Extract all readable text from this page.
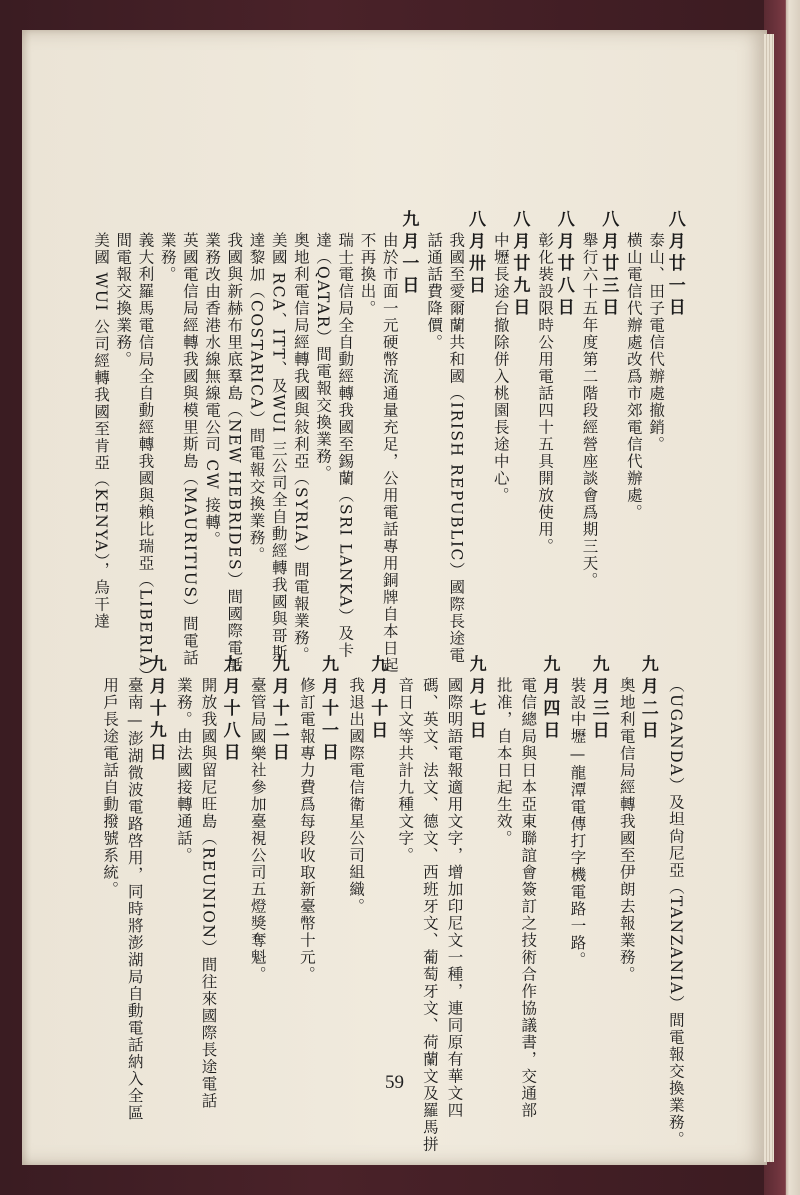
八月廿一日
泰山、田子電信代辦處撤銷。
横山電信代辦處改爲市郊電信代辦處。
八月廿三日
舉行六十五年度第二階段經營座談會爲期三天。
八月廿八日
彰化裝設限時公用電話四十五具開放使用。
八月廿九日
中壢長途台撤除併入桃園長途中心。
八月卅日
我國至愛爾蘭共和國（IRISH REPUBLIC）國際長途電
話通話費降價。
九月一日
由於市面一元硬幣流通量充足，公用電話專用銅牌自本日起
不再換出。
瑞士電信局全自動經轉我國至錫蘭（SRI LANKA）及卡
達（QATAR）間電報交換業務。
奥地利電信局經轉我國與敍利亞（SYRIA）間電報業務。
美國 RCA、ITT、及WUI 三公司全自動經轉我國與哥斯
達黎加（COSTARICA）間電報交換業務。
我國與新赫布里底羣島（NEW HEBRIDES）間國際電話
業務改由香港水線無線電公司 CW 接轉。
英國電信局經轉我國與模里斯島（MAURITIUS）間電話
業務。
義大利羅馬電信局全自動經轉我國與賴比瑞亞（LIBERIA）
間電報交換業務。
美國 WUI 公司經轉我國至肯亞（KENYA），烏干達
（UGANDA）及坦尙尼亞（TANZANIA）間電報交換業務。
九月二日
奥地利電信局經轉我國至伊朗去報業務。
九月三日
裝設中壢—龍潭電傳打字機電路一路。
九月四日
電信總局與日本亞東聯誼會簽訂之技術合作協議書，交通部
批准，自本日起生效。
九月七日
國際明語電報適用文字，增加印尼文一種，連同原有華文四
碼、英文、法文、德文、西班牙文、葡萄牙文、荷蘭文及羅馬拼
音日文等共計九種文字。
九月十日
我退出國際電信衛星公司組織。
九月十一日
修訂電報專力費爲每段收取新臺幣十元。
九月十二日
臺管局國樂社參加臺視公司五燈獎奪魁。
九月十八日
開放我國與留尼旺島（REUNION）間往來國際長途電話
業務。由法國接轉通話。
九月十九日
臺南—澎湖微波電路啓用，同時將澎湖局自動電話納入全區
用戶長途電話自動撥號系統。
59
